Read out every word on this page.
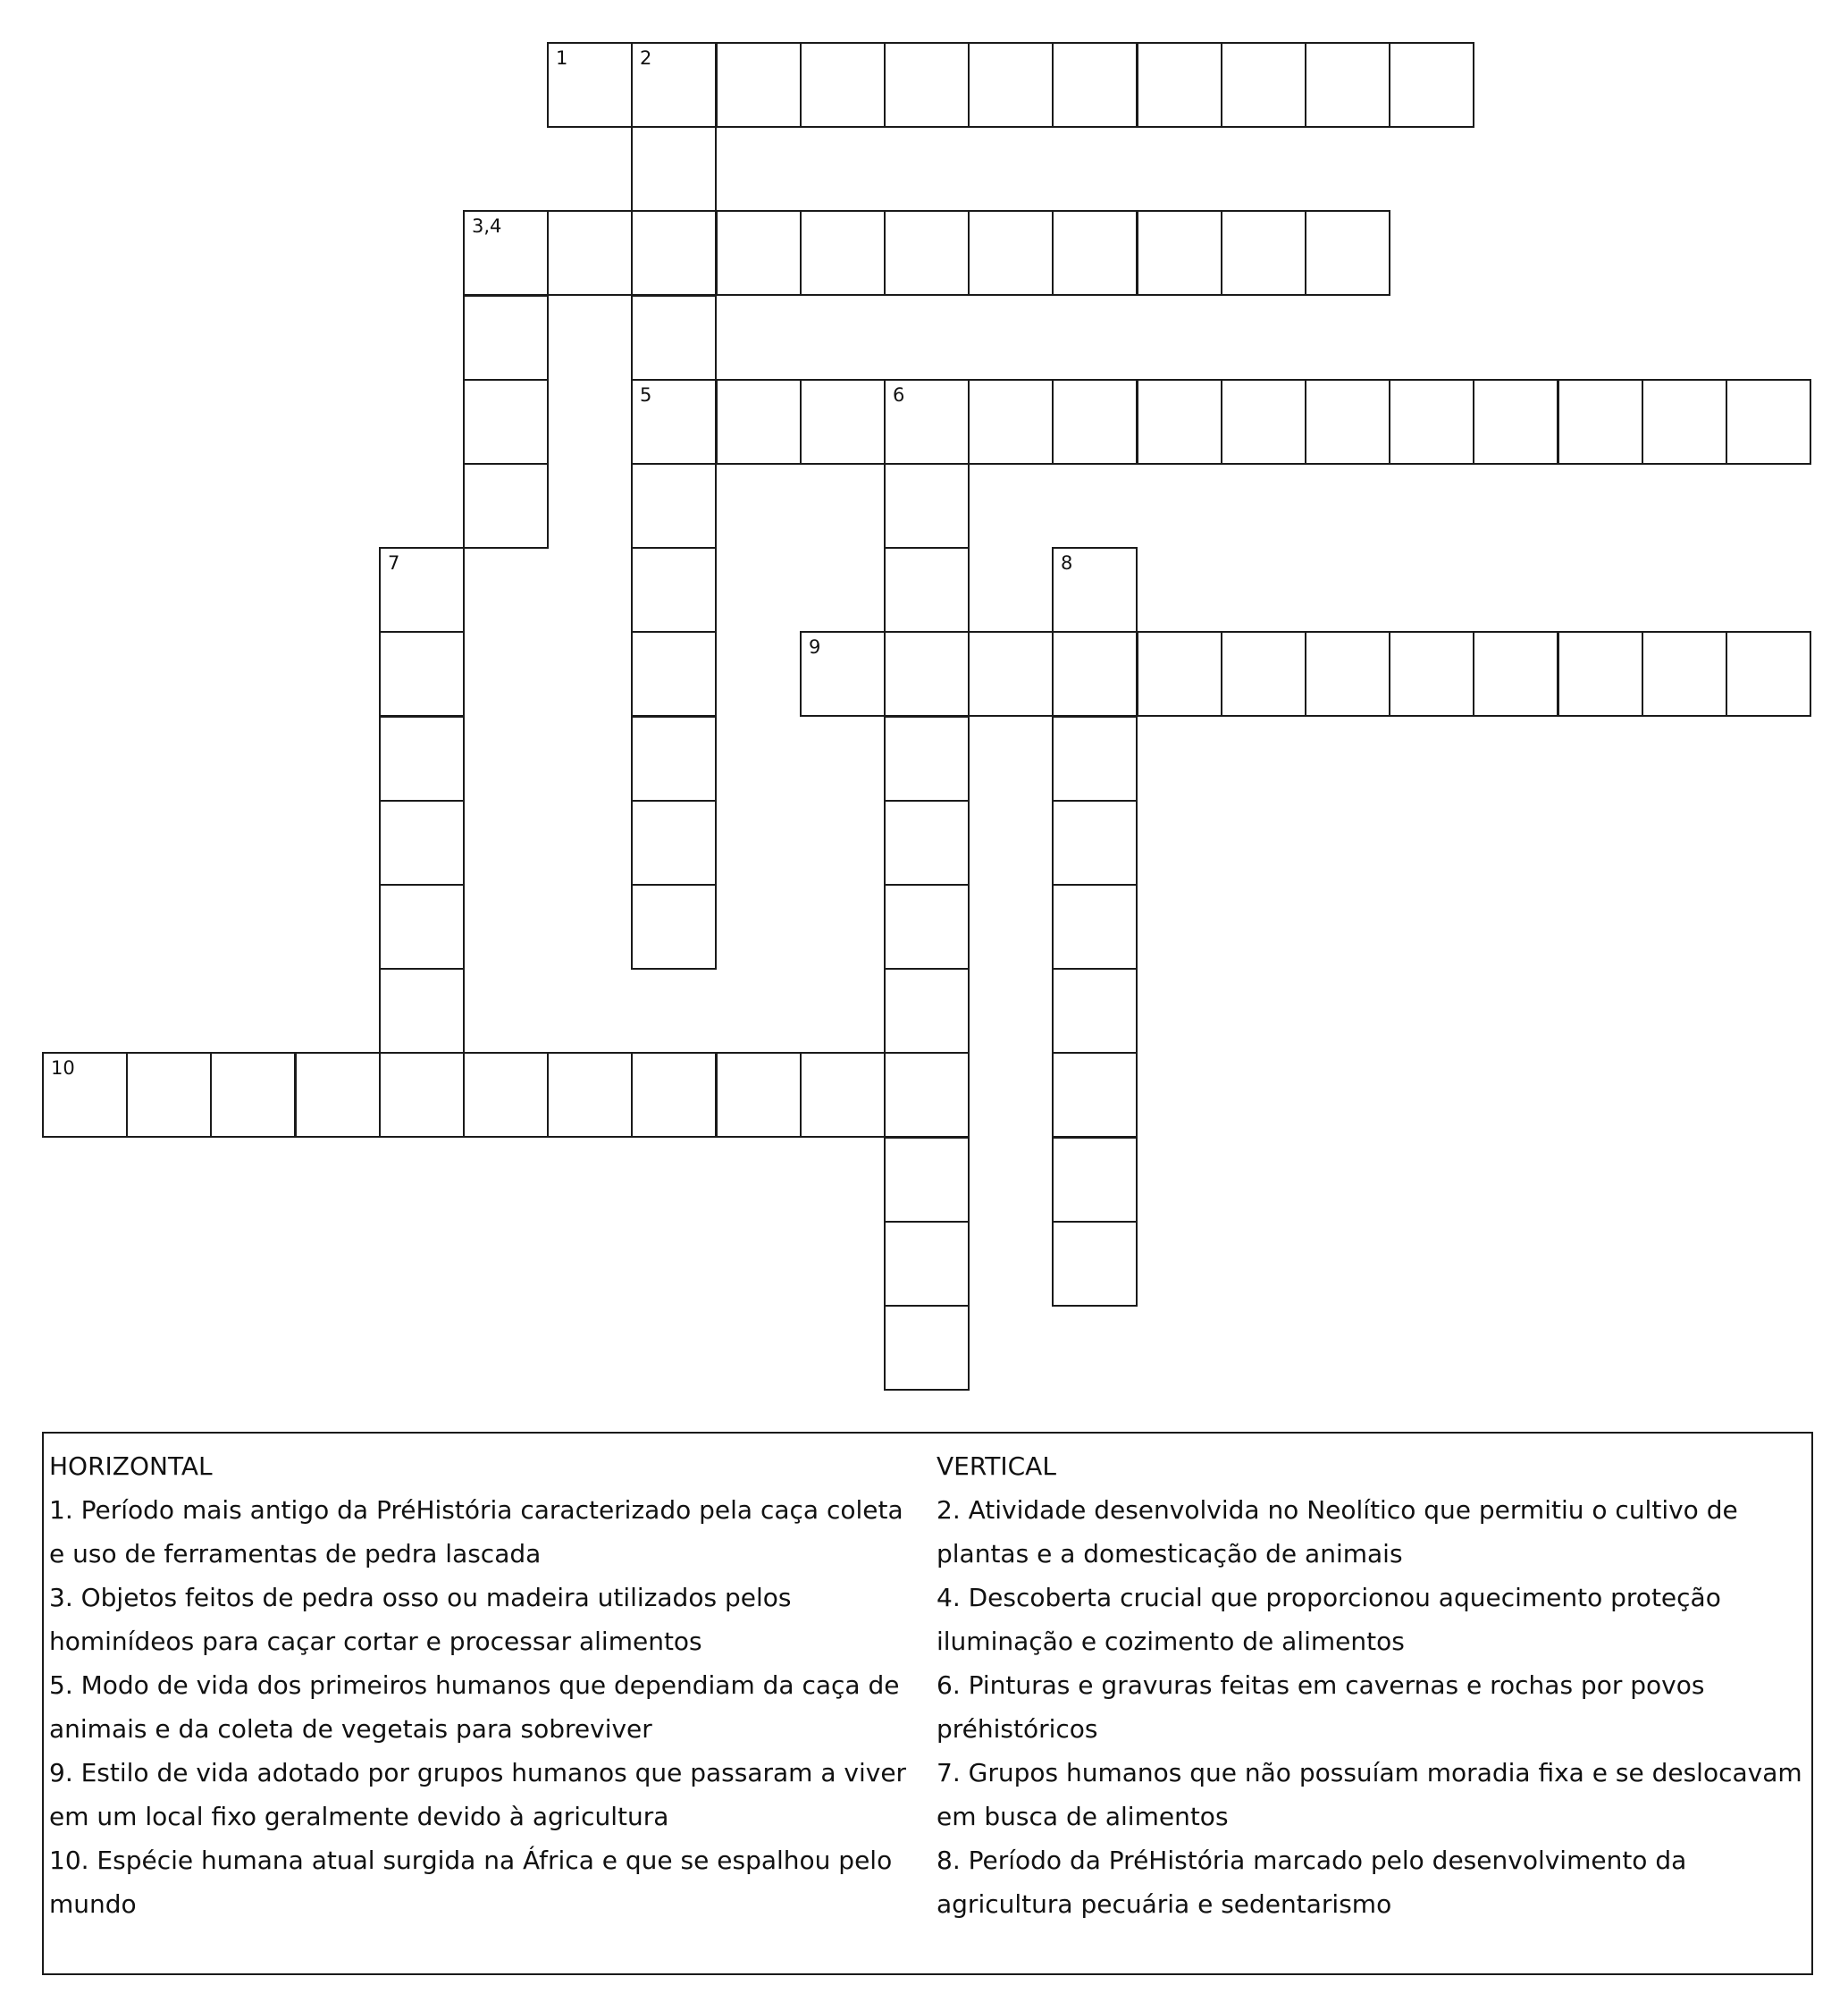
1	2
3,4
5	6
7	8
9
10
HORIZONTAL
1. Período mais antigo da PréHistória caracterizado pela caça coleta e uso de ferramentas de pedra lascada
3. Objetos feitos de pedra osso ou madeira utilizados pelos hominídeos para caçar cortar e processar alimentos
5. Modo de vida dos primeiros humanos que dependiam da caça de animais e da coleta de vegetais para sobreviver
9. Estilo de vida adotado por grupos humanos que passaram a viver em um local fixo geralmente devido à agricultura
10. Espécie humana atual surgida na África e que se espalhou pelo mundo
VERTICAL
2. Atividade desenvolvida no Neolítico que permitiu o cultivo de plantas e a domesticação de animais
4. Descoberta crucial que proporcionou aquecimento proteção iluminação e cozimento de alimentos
6. Pinturas e gravuras feitas em cavernas e rochas por povos préhistóricos
7. Grupos humanos que não possuíam moradia fixa e se deslocavam em busca de alimentos
8. Período da PréHistória marcado pelo desenvolvimento da agricultura pecuária e sedentarismo
